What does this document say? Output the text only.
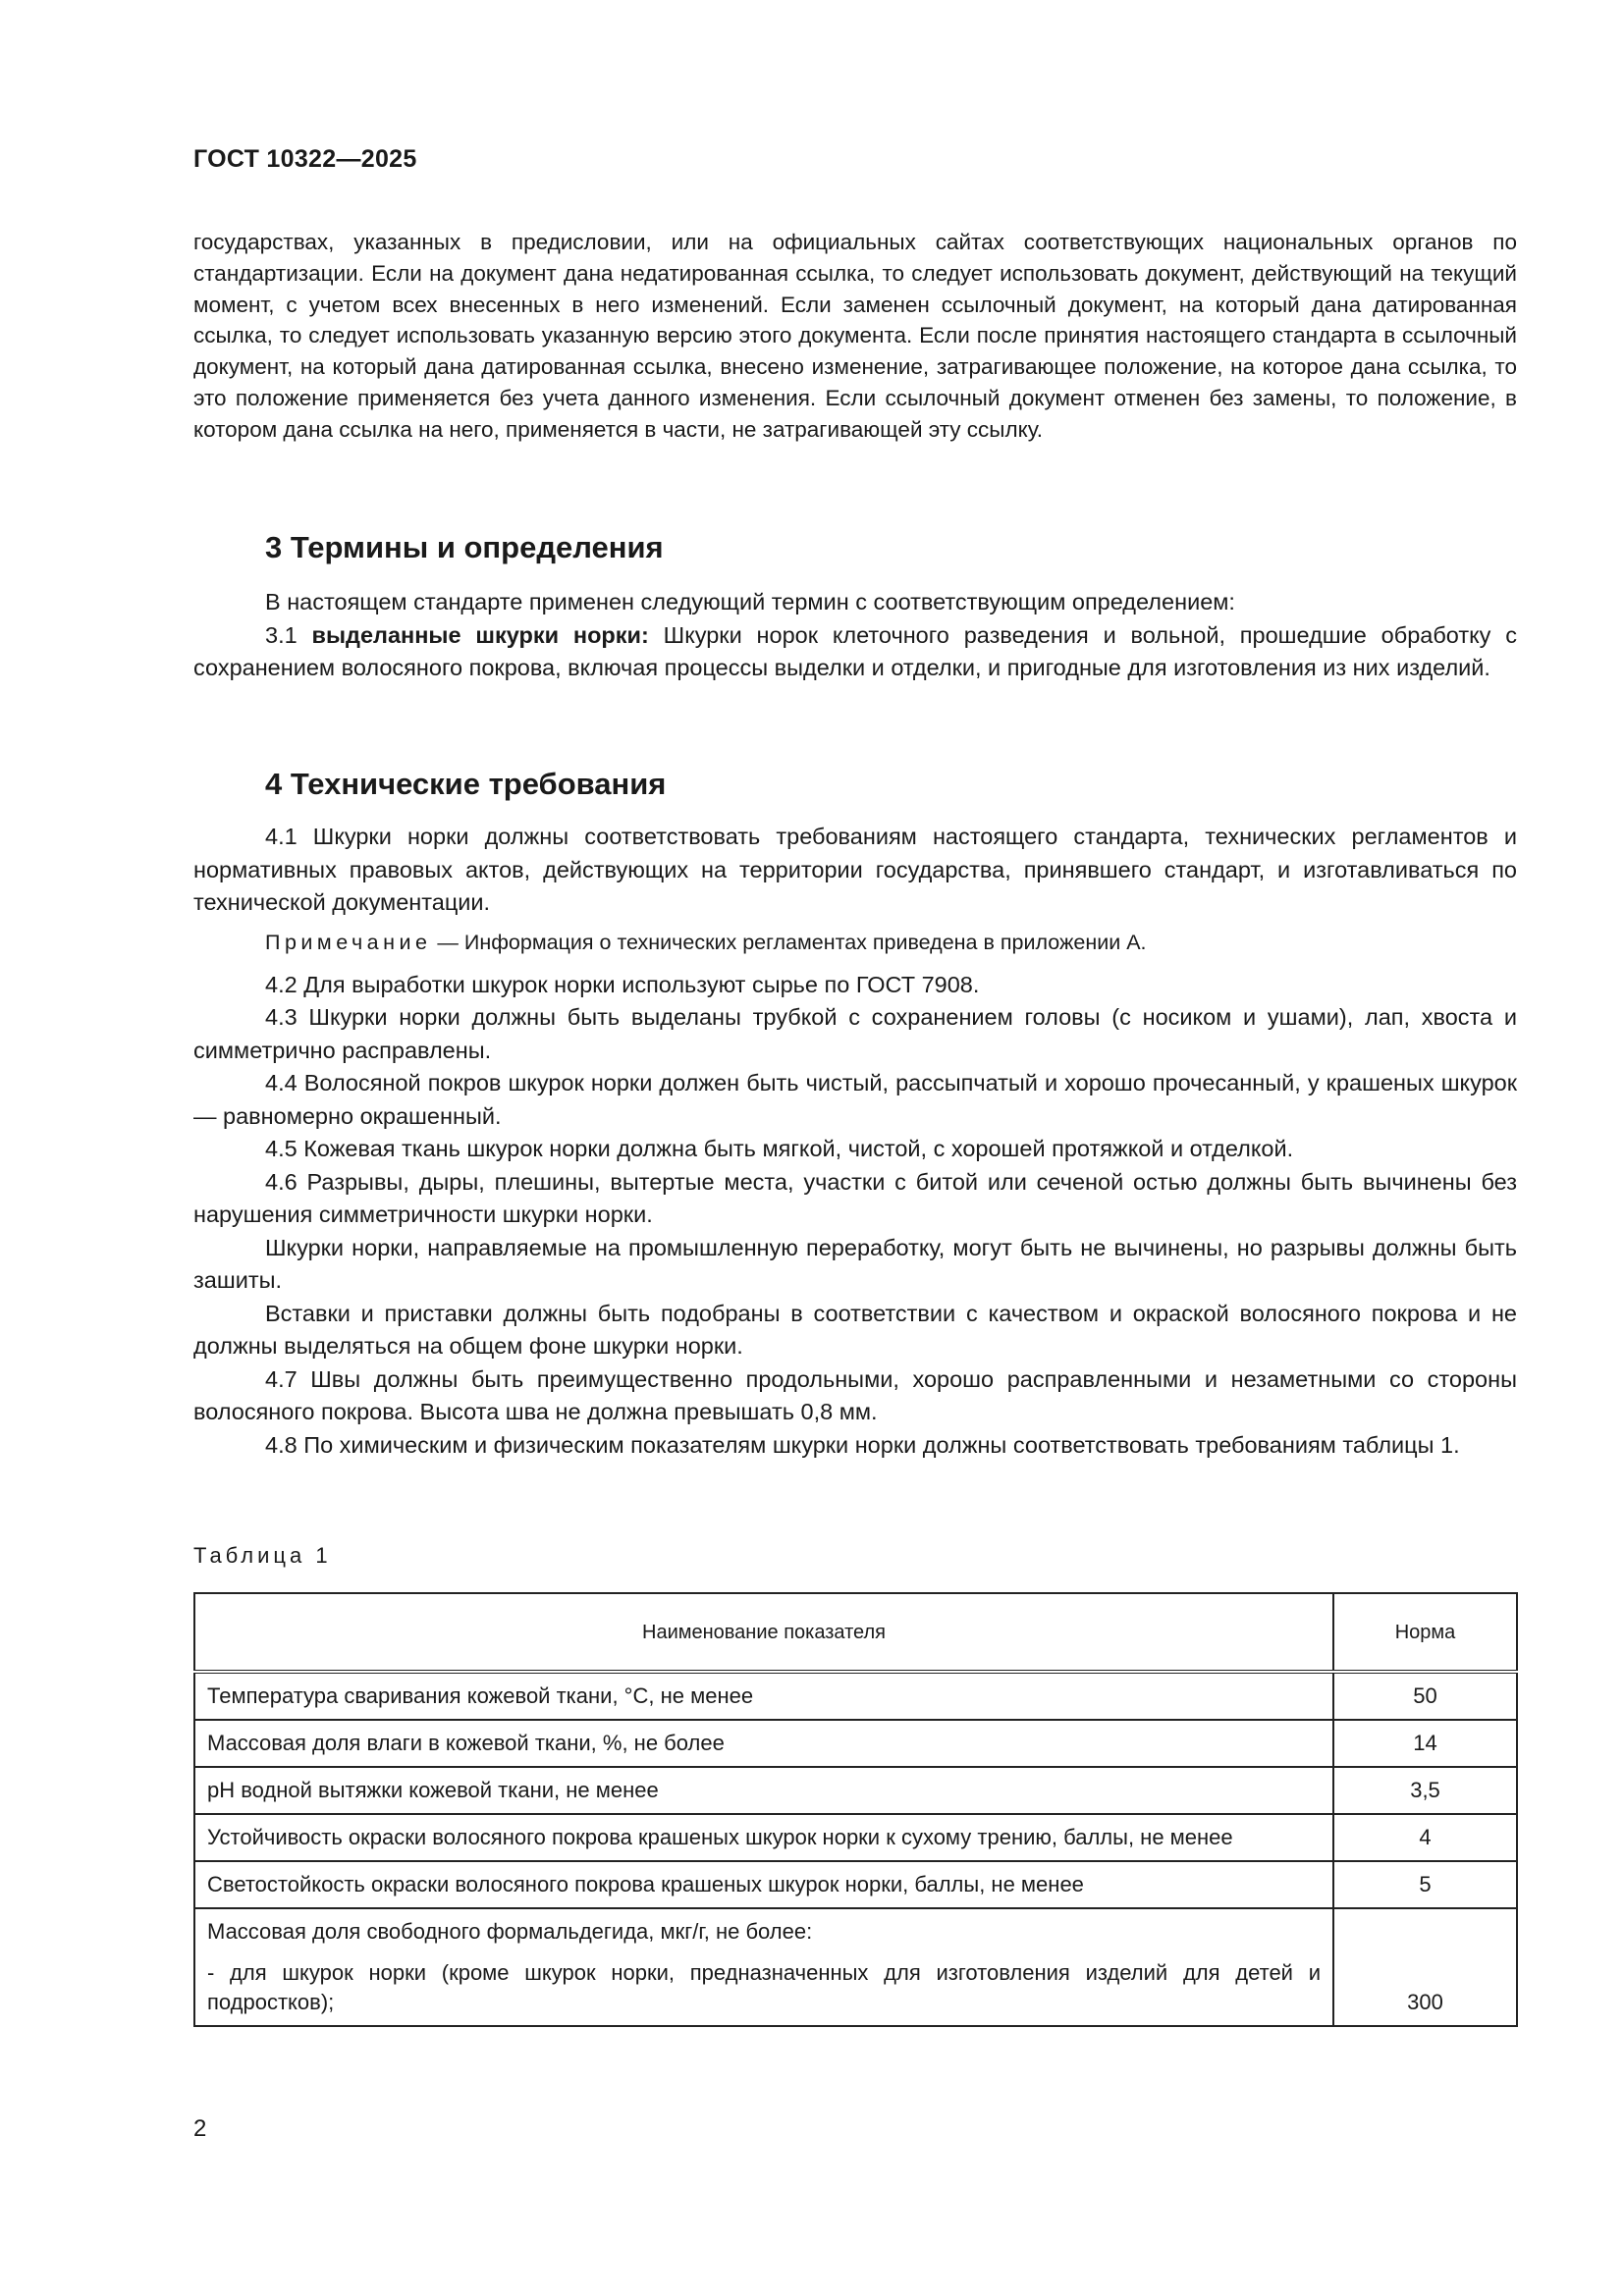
ГОСТ 10322—2025

государствах, указанных в предисловии, или на официальных сайтах соответствующих национальных органов по стандартизации. Если на документ дана недатированная ссылка, то следует использовать документ, действующий на текущий момент, с учетом всех внесенных в него изменений. Если заменен ссылочный документ, на который дана датированная ссылка, то следует использовать указанную версию этого документа. Если после принятия настоящего стандарта в ссылочный документ, на который дана датированная ссылка, внесено изменение, затрагивающее положение, на которое дана ссылка, то это положение применяется без учета данного изменения. Если ссылочный документ отменен без замены, то положение, в котором дана ссылка на него, применяется в части, не затрагивающей эту ссылку.

3 Термины и определения

В настоящем стандарте применен следующий термин с соответствующим определением:

3.1 выделанные шкурки норки: Шкурки норок клеточного разведения и вольной, прошедшие обработку с сохранением волосяного покрова, включая процессы выделки и отделки, и пригодные для изготовления из них изделий.

4 Технические требования

4.1 Шкурки норки должны соответствовать требованиям настоящего стандарта, технических регламентов и нормативных правовых актов, действующих на территории государства, принявшего стандарт, и изготавливаться по технической документации.

Примечание — Информация о технических регламентах приведена в приложении А.

4.2 Для выработки шкурок норки используют сырье по ГОСТ 7908.

4.3 Шкурки норки должны быть выделаны трубкой с сохранением головы (с носиком и ушами), лап, хвоста и симметрично расправлены.

4.4 Волосяной покров шкурок норки должен быть чистый, рассыпчатый и хорошо прочесанный, у крашеных шкурок — равномерно окрашенный.

4.5 Кожевая ткань шкурок норки должна быть мягкой, чистой, с хорошей протяжкой и отделкой.

4.6 Разрывы, дыры, плешины, вытертые места, участки с битой или сеченой остью должны быть вычинены без нарушения симметричности шкурки норки.

Шкурки норки, направляемые на промышленную переработку, могут быть не вычинены, но разрывы должны быть зашиты.

Вставки и приставки должны быть подобраны в соответствии с качеством и окраской волосяного покрова и не должны выделяться на общем фоне шкурки норки.

4.7 Швы должны быть преимущественно продольными, хорошо расправленными и незаметными со стороны волосяного покрова. Высота шва не должна превышать 0,8 мм.

4.8 По химическим и физическим показателям шкурки норки должны соответствовать требованиям таблицы 1.

Таблица 1
Наименование показателя	Норма
Температура сваривания кожевой ткани, °С, не менее	50
Массовая доля влаги в кожевой ткани, %, не более	14
pH водной вытяжки кожевой ткани, не менее	3,5
Устойчивость окраски волосяного покрова крашеных шкурок норки к сухому трению, баллы, не менее	4
Светостойкость окраски волосяного покрова крашеных шкурок норки, баллы, не менее	5
Массовая доля свободного формальдегида, мкг/г, не более:
- для шкурок норки (кроме шкурок норки, предназначенных для изготовления изделий для детей и подростков);	300
2
